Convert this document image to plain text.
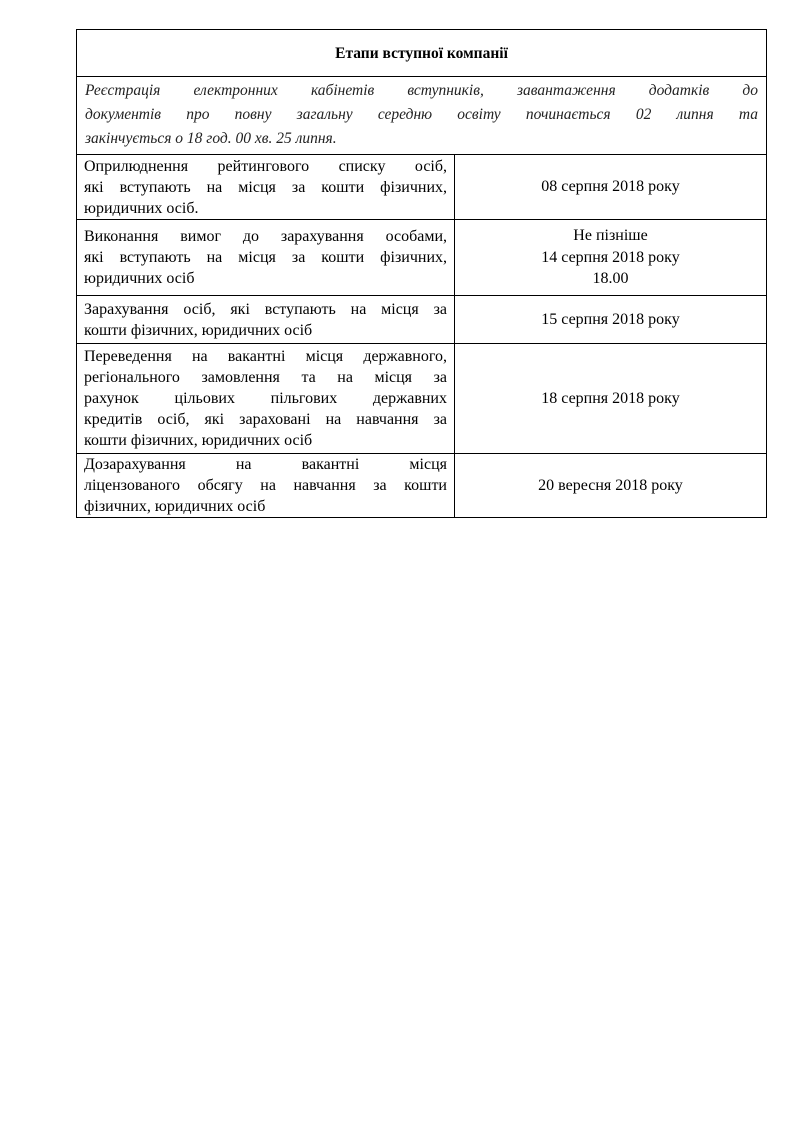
Етапи вступної компанії	

Реєстрація електронних кабінетів вступників, завантаження додатків до
документів про повну загальну середню освіту починається 02 липня та
закінчується о 18 год. 00 хв. 25 липня.	

Оприлюднення рейтингового списку осіб,
які вступають на місця за кошти фізичних,
юридичних осіб.	08 серпня 2018 року

Виконання вимог до зарахування особами,
які вступають на місця за кошти фізичних,
юридичних осіб	Не пізніше
14 серпня 2018 року
18.00

Зарахування осіб, які вступають на місця за
кошти фізичних, юридичних осіб	15 серпня 2018 року

Переведення на вакантні місця державного,
регіонального замовлення та на місця за
рахунок цільових пільгових державних
кредитів осіб, які зараховані на навчання за
кошти фізичних, юридичних осіб	18 серпня 2018 року

Дозарахування на вакантні місця
ліцензованого обсягу на навчання за кошти
фізичних, юридичних осіб	20 вересня 2018 року
